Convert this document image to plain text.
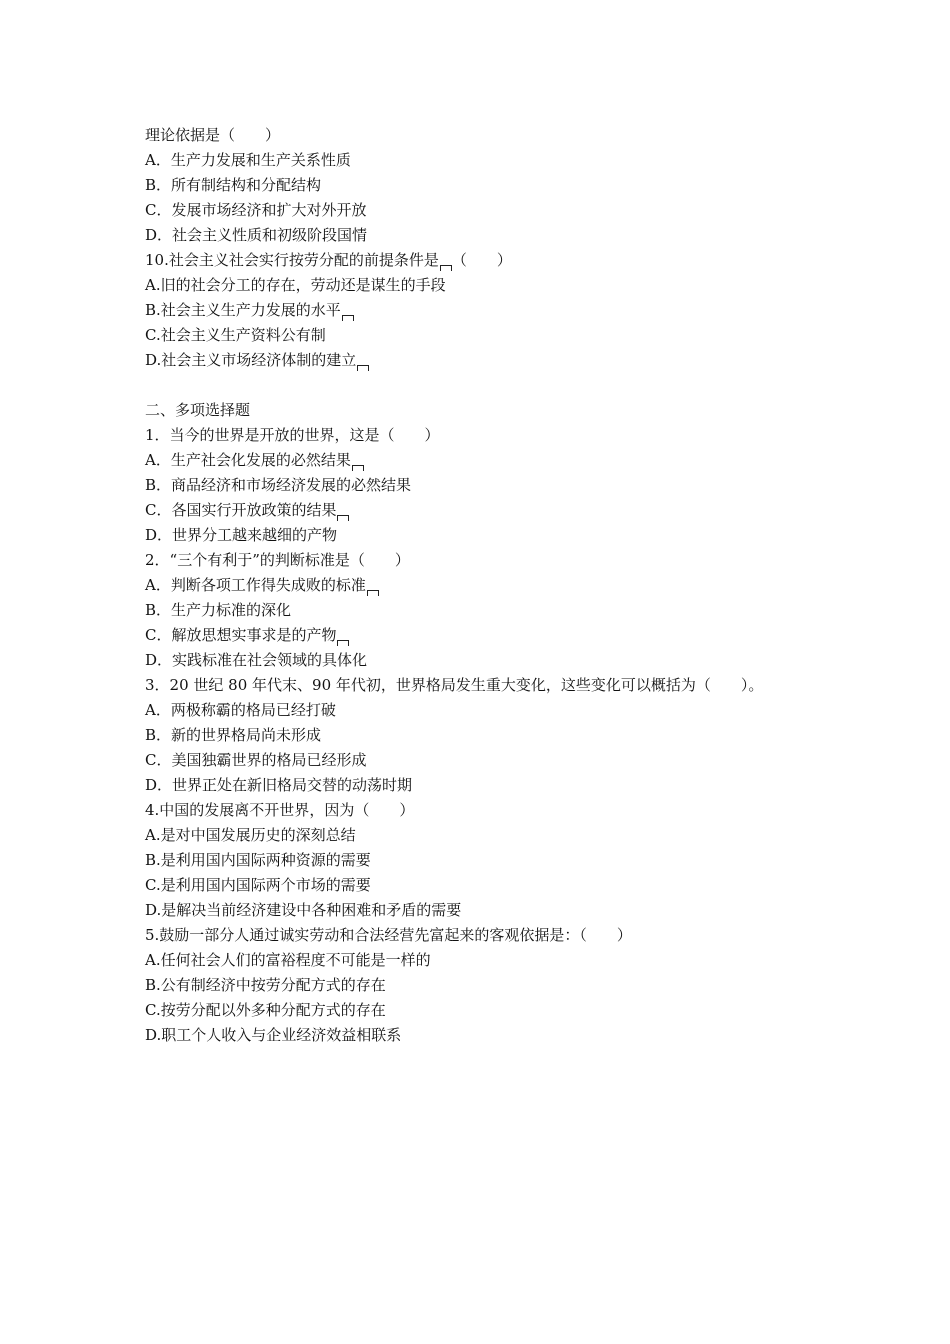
理论依据是（　　）
A．生产力发展和生产关系性质
B．所有制结构和分配结构
C．发展市场经济和扩大对外开放
D．社会主义性质和初级阶段国情
10.社会主义社会实行按劳分配的前提条件是 （　　）
A.旧的社会分工的存在，劳动还是谋生的手段
B.社会主义生产力发展的水平
C.社会主义生产资料公有制
D.社会主义市场经济体制的建立
二、多项选择题
1．当今的世界是开放的世界，这是（　　）
A．生产社会化发展的必然结果
B．商品经济和市场经济发展的必然结果
C．各国实行开放政策的结果
D．世界分工越来越细的产物
2．“三个有利于”的判断标准是（　　）
A．判断各项工作得失成败的标准
B．生产力标准的深化
C．解放思想实事求是的产物
D．实践标准在社会领域的具体化
3．20 世纪 80 年代末、90 年代初，世界格局发生重大变化，这些变化可以概括为（　　）。
A．两极称霸的格局已经打破
B．新的世界格局尚未形成
C．美国独霸世界的格局已经形成
D．世界正处在新旧格局交替的动荡时期
4.中国的发展离不开世界，因为（　　）
A.是对中国发展历史的深刻总结
B.是利用国内国际两种资源的需要
C.是利用国内国际两个市场的需要
D.是解决当前经济建设中各种困难和矛盾的需要
5.鼓励一部分人通过诚实劳动和合法经营先富起来的客观依据是：（　　）
A.任何社会人们的富裕程度不可能是一样的
B.公有制经济中按劳分配方式的存在
C.按劳分配以外多种分配方式的存在
D.职工个人收入与企业经济效益相联系
